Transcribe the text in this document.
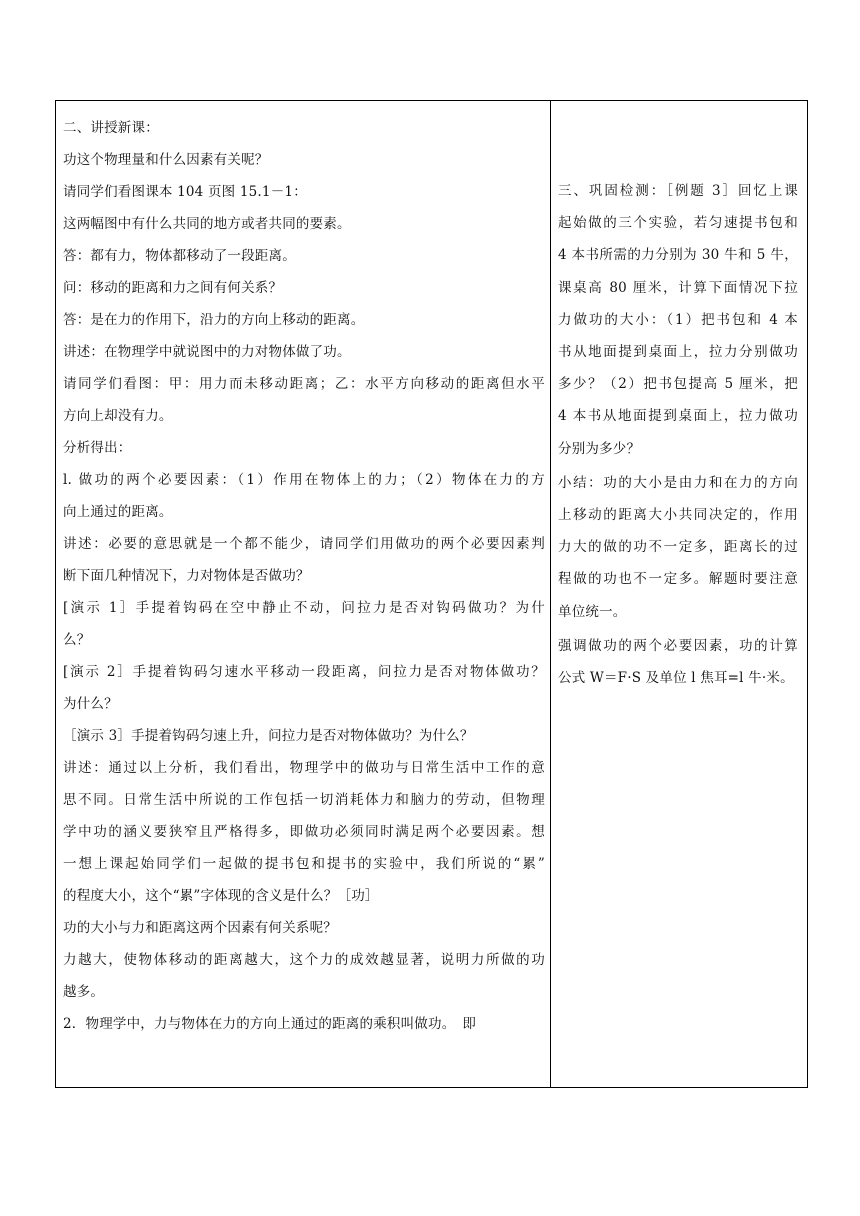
二、讲授新课：
功这个物理量和什么因素有关呢？
请同学们看图课本 104 页图 15.1－1：
这两幅图中有什么共同的地方或者共同的要素。
答：都有力，物体都移动了一段距离。
问：移动的距离和力之间有何关系？
答：是在力的作用下，沿力的方向上移动的距离。
讲述：在物理学中就说图中的力对物体做了功。
请同学们看图：甲：用力而未移动距离；乙：水平方向移动的距离但水平
方向上却没有力。
分析得出：
l. 做功的两个必要因素：（1）作用在物体上的力；（2）物体在力的方
向上通过的距离。
讲述：必要的意思就是一个都不能少，请同学们用做功的两个必要因素判
断下面几种情况下，力对物体是否做功？
[演示 1］手提着钩码在空中静止不动，问拉力是否对钩码做功？为什
么？
[演示 2］手提着钩码匀速水平移动一段距离，问拉力是否对物体做功？
为什么？
［演示 3］手提着钩码匀速上升，问拉力是否对物体做功？为什么？
讲述：通过以上分析，我们看出，物理学中的做功与日常生活中工作的意
思不同。日常生活中所说的工作包括一切消耗体力和脑力的劳动，但物理
学中功的涵义要狭窄且严格得多，即做功必须同时满足两个必要因素。想
一想上课起始同学们一起做的提书包和提书的实验中，我们所说的“累”
的程度大小，这个“累”字体现的含义是什么？［功］
功的大小与力和距离这两个因素有何关系呢？
力越大，使物体移动的距离越大，这个力的成效越显著，说明力所做的功
越多。
2．物理学中，力与物体在力的方向上通过的距离的乘积叫做功。　即
三、巩固检测：［例题 3］回忆上课
起始做的三个实验，若匀速提书包和
4 本书所需的力分别为 30 牛和 5 牛，
课桌高 80 厘米，计算下面情况下拉
力做功的大小：（1）把书包和 4 本
书从地面提到桌面上，拉力分别做功
多少？（2）把书包提高 5 厘米，把
4 本书从地面提到桌面上，拉力做功
分别为多少？
小结：功的大小是由力和在力的方向
上移动的距离大小共同决定的，作用
力大的做的功不一定多，距离长的过
程做的功也不一定多。解题时要注意
单位统一。
强调做功的两个必要因素，功的计算
公式 W＝F·S 及单位 l 焦耳=l 牛·米。
